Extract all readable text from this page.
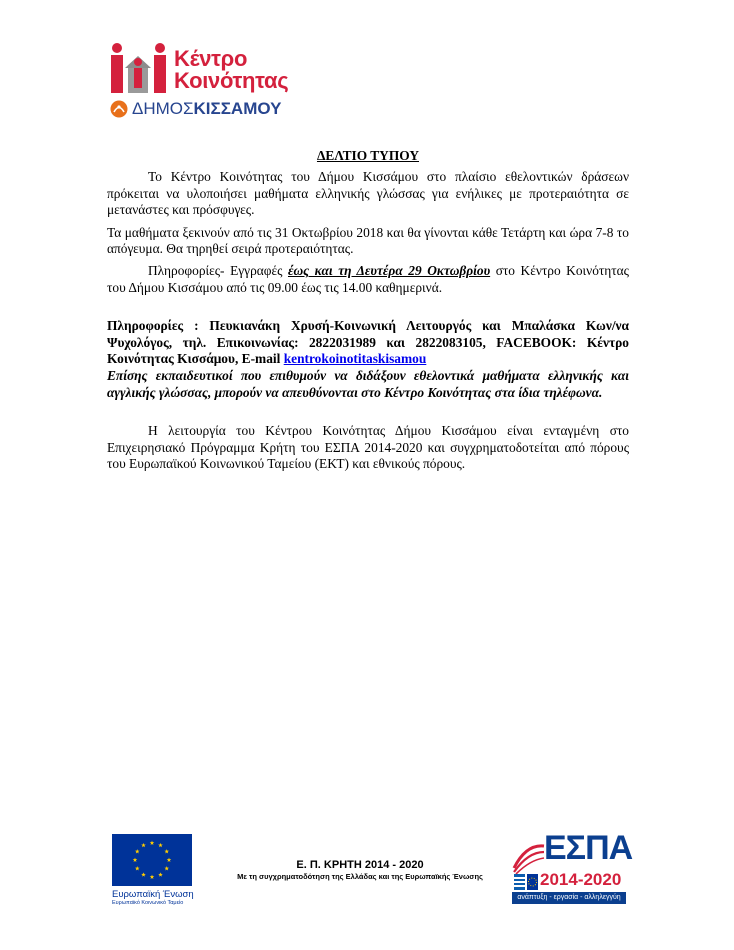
Κέντρο
Κοινότητας
ΔΗΜΟΣΚΙΣΣΑΜΟΥ

ΔΕΛΤΙΟ ΤΥΠΟΥ

Το Κέντρο Κοινότητας του Δήμου Κισσάμου στο πλαίσιο εθελοντικών δράσεων πρόκειται να υλοποιήσει μαθήματα ελληνικής γλώσσας για ενήλικες με προτεραιότητα σε μετανάστες και πρόσφυγες.

Τα μαθήματα ξεκινούν από τις 31 Οκτωβρίου 2018 και θα γίνονται κάθε Τετάρτη και ώρα 7-8 το απόγευμα. Θα τηρηθεί σειρά προτεραιότητας.

Πληροφορίες- Εγγραφές έως και τη Δευτέρα 29 Οκτωβρίου στο Κέντρο Κοινότητας του Δήμου Κισσάμου από τις 09.00 έως τις 14.00 καθημερινά.

Πληροφορίες : Πευκιανάκη Χρυσή-Κοινωνική Λειτουργός και Μπαλάσκα Κων/να Ψυχολόγος, τηλ. Επικοινωνίας: 2822031989 και 2822083105, FACEBOOK: Κέντρο Κοινότητας Κισσάμου, E-mail kentrokoinotitaskisamou

Επίσης εκπαιδευτικοί που επιθυμούν να διδάξουν εθελοντικά μαθήματα ελληνικής και αγγλικής γλώσσας, μπορούν να απευθύνονται στο Κέντρο Κοινότητας στα ίδια τηλέφωνα.

Η λειτουργία του Κέντρου Κοινότητας Δήμου Κισσάμου είναι ενταγμένη στο Επιχειρησιακό Πρόγραμμα Κρήτη του ΕΣΠΑ 2014-2020 και συγχρηματοδοτείται από πόρους του Ευρωπαϊκού Κοινωνικού Ταμείου (ΕΚΤ) και εθνικούς πόρους.

Ευρωπαϊκή Ένωση
Ευρωπαϊκό Κοινωνικό Ταμείο
Ε. Π. ΚΡΗΤΗ 2014 - 2020
Με τη συγχρηματοδότηση της Ελλάδας και της Ευρωπαϊκής Ένωσης
ΕΣΠΑ
2014-2020
ανάπτυξη - εργασία - αλληλεγγύη
